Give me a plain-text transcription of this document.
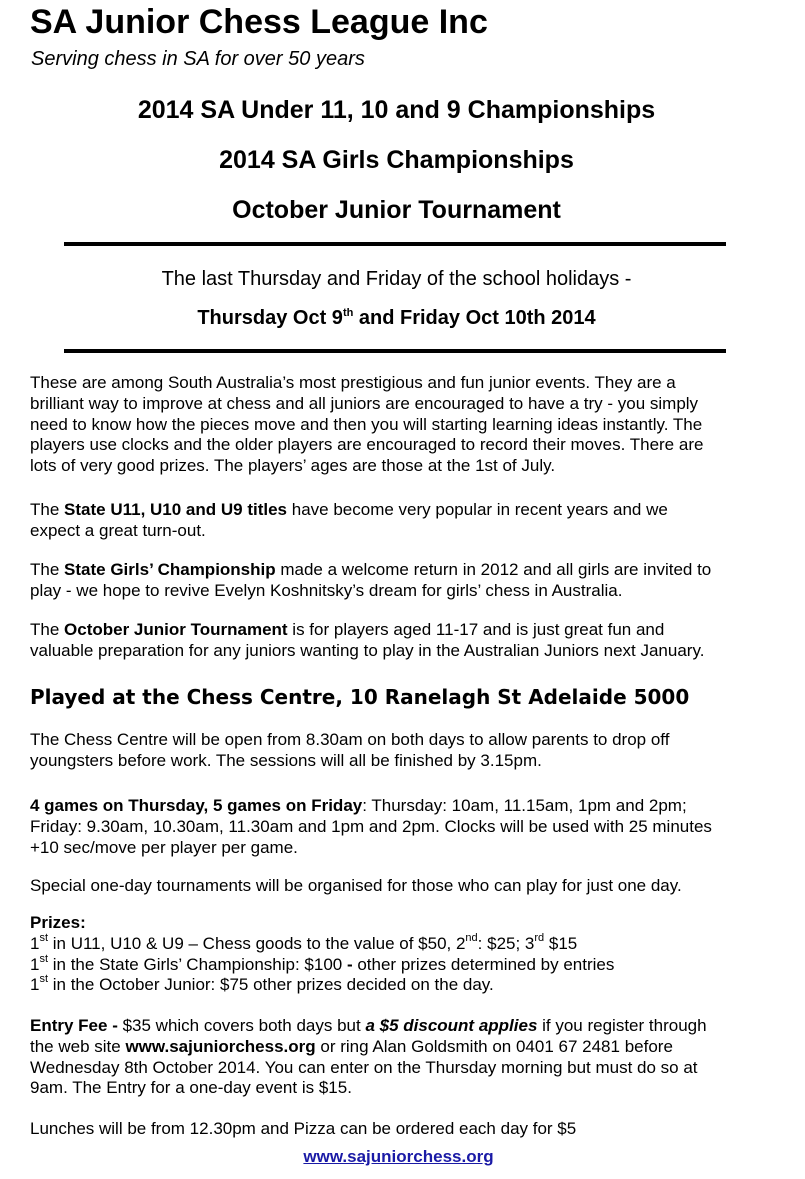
SA Junior Chess League Inc
Serving chess in SA for over 50 years
2014 SA Under 11, 10 and 9 Championships
2014 SA Girls Championships
October Junior Tournament
The last Thursday and Friday of the school holidays -
Thursday Oct 9th and Friday Oct 10th 2014
These are among South Australia’s most prestigious and fun junior events. They are a
brilliant way to improve at chess and all juniors are encouraged to have a try - you simply
need to know how the pieces move and then you will starting learning ideas instantly. The
players use clocks and the older players are encouraged to record their moves. There are
lots of very good prizes. The players’ ages are those at the 1st of July.
The State U11, U10 and U9 titles have become very popular in recent years and we
expect a great turn-out.
The State Girls’ Championship made a welcome return in 2012 and all girls are invited to
play - we hope to revive Evelyn Koshnitsky’s dream for girls’ chess in Australia.
The October Junior Tournament is for players aged 11-17 and is just great fun and
valuable preparation for any juniors wanting to play in the Australian Juniors next January.
Played at the Chess Centre, 10 Ranelagh St Adelaide 5000
The Chess Centre will be open from 8.30am on both days to allow parents to drop off
youngsters before work. The sessions will all be finished by 3.15pm.
4 games on Thursday, 5 games on Friday: Thursday: 10am, 11.15am, 1pm and 2pm;
Friday: 9.30am, 10.30am, 11.30am and 1pm and 2pm. Clocks will be used with 25 minutes
+10 sec/move per player per game.
Special one-day tournaments will be organised for those who can play for just one day.
Prizes:
1st in U11, U10 & U9 – Chess goods to the value of $50, 2nd: $25; 3rd $15
1st in the State Girls’ Championship: $100 - other prizes determined by entries
1st in the October Junior: $75 other prizes decided on the day.
Entry Fee - $35 which covers both days but a $5 discount applies if you register through
the web site www.sajuniorchess.org or ring Alan Goldsmith on 0401 67 2481 before
Wednesday 8th October 2014. You can enter on the Thursday morning but must do so at
9am. The Entry for a one-day event is $15.
Lunches will be from 12.30pm and Pizza can be ordered each day for $5
www.sajuniorchess.org
